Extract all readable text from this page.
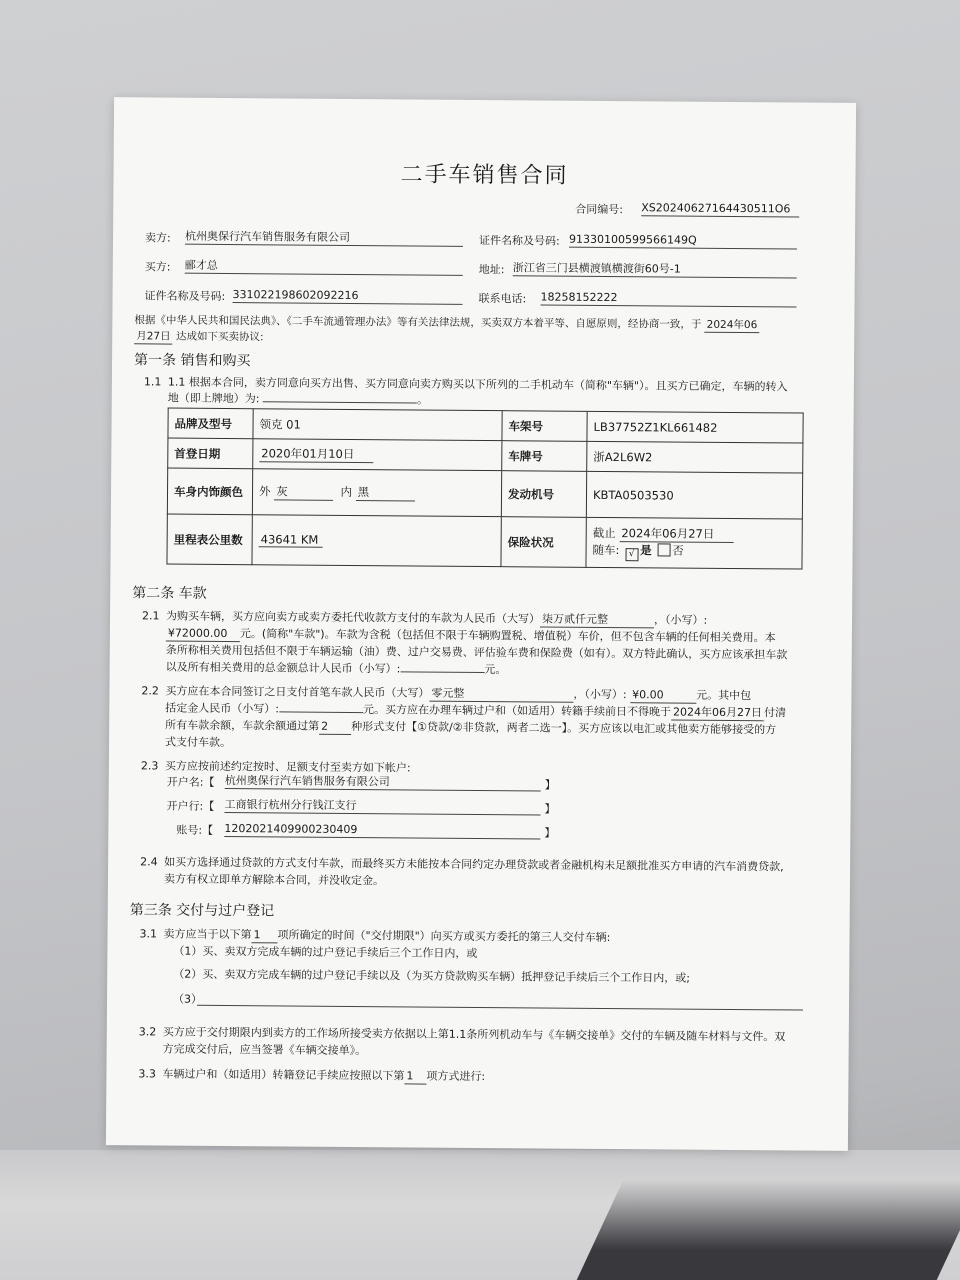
二手车销售合同
合同编号: XS20240627164430511O6
卖方: 杭州奥保行汽车销售服务有限公司	证件名称及号码: 91330100599566149Q
买方: 郦才总	地址: 浙江省三门县横渡镇横渡街60号-1
证件名称及号码: 331022198602092216	联系电话: 18258152222
根据《中华人民共和国民法典》、《二手车流通管理办法》等有关法律法规，买卖双方本着平等、自愿原则，经协商一致，于 2024年06
月27日 达成如下买卖协议:
第一条 销售和购买
1.1 1.1 根据本合同，卖方同意向买方出售、买方同意向卖方购买以下所列的二手机动车（简称"车辆"）。且买方已确定，车辆的转入
地（即上牌地）为:	。
品牌及型号	领克 01	车架号	LB37752Z1KL661482
首登日期	2020年01月10日	车牌号	浙A2L6W2
车身内饰颜色	外 灰 内 黑	发动机号	KBTA0503530
里程表公里数	43641 KM	保险状况	截止 2024年06月27日
随车: √ 是 否
第二条 车款
2.1 为购买车辆，买方应向卖方或卖方委托代收款方支付的车款为人民币（大写） 柒万贰仟元整	，（小写）:
¥72000.00 元。(简称"车款")。车款为含税（包括但不限于车辆购置税、增值税）车价，但不包含车辆的任何相关费用。本
条所称相关费用包括但不限于车辆运输（油）费、过户交易费、评估验车费和保险费（如有）。双方特此确认，买方应该承担车款
以及所有相关费用的总金额总计人民币（小写）:	元。
2.2 买方应在本合同签订之日支付首笔车款人民币（大写） 零元整	，（小写）: ¥0.00	元。其中包
括定金人民币（小写）:	元。买方应在办理车辆过户和（如适用）转籍手续前日不得晚于 2024年06月27日 付清
所有车款余额，车款余额通过第 2 种形式支付【①贷款/②非贷款，两者二选一】。买方应该以电汇或其他卖方能够接受的方
式支付车款。
2.3 买方应按前述约定按时、足额支付至卖方如下帐户:
开户名:【 杭州奥保行汽车销售服务有限公司	】
开户行:【 工商银行杭州分行钱江支行	】
账号:【 1202021409900230409	】
2.4 如买方选择通过贷款的方式支付车款，而最终买方未能按本合同约定办理贷款或者金融机构未足额批准买方申请的汽车消费贷款,
卖方有权立即单方解除本合同，并没收定金。
第三条 交付与过户登记
3.1 卖方应当于以下第 1 项所确定的时间（"交付期限"）向买方或买方委托的第三人交付车辆:
（1）买、卖双方完成车辆的过户登记手续后三个工作日内，或
（2）买、卖双方完成车辆的过户登记手续以及（为买方贷款购买车辆）抵押登记手续后三个工作日内，或;
（3）
3.2 买方应于交付期限内到卖方的工作场所接受卖方依据以上第1.1条所列机动车与《车辆交接单》交付的车辆及随车材料与文件。双
方完成交付后，应当签署《车辆交接单》。
3.3 车辆过户和（如适用）转籍登记手续应按照以下第 1 项方式进行:
